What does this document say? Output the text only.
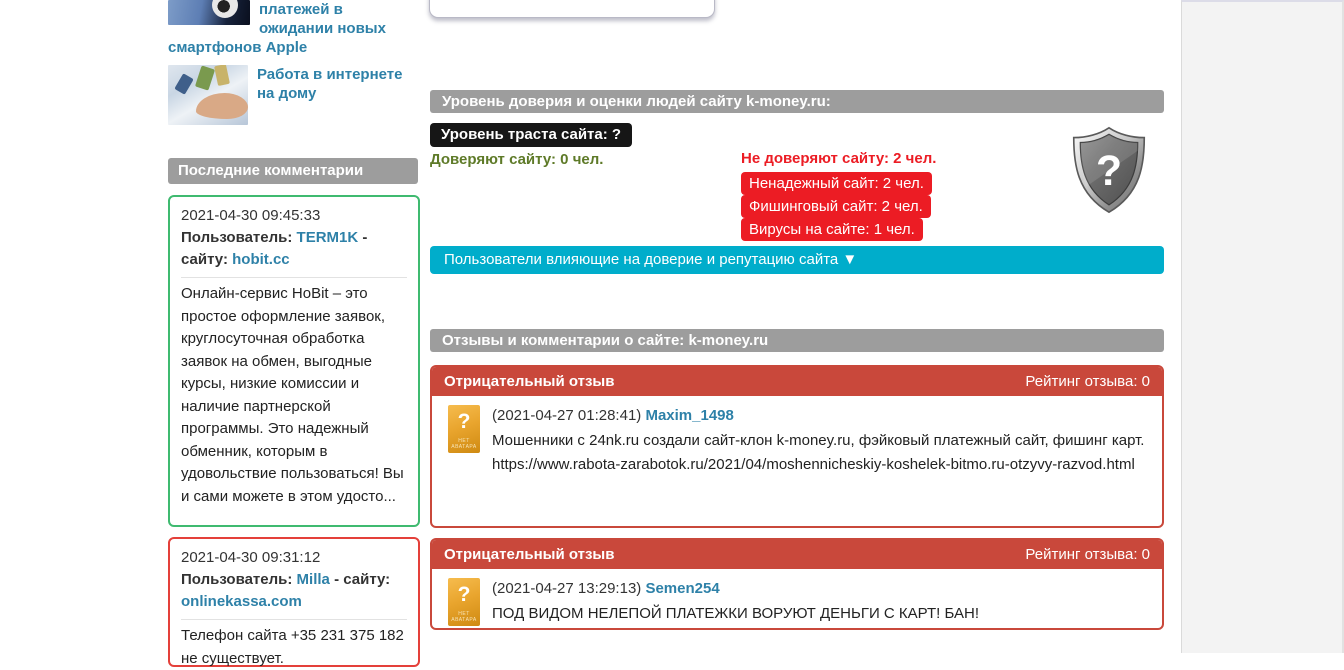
платежей в ожидании новых смартфонов Apple
Работа в интернете на дому
Последние комментарии
2021-04-30 09:45:33
Пользователь: TERM1K - сайту: hobit.cc
Онлайн-сервис HoBit – это простое оформление заявок, круглосуточная обработка заявок на обмен, выгодные курсы, низкие комиссии и наличие партнерской программы. Это надежный обменник, которым в удовольствие пользоваться! Вы и сами можете в этом удосто...
2021-04-30 09:31:12
Пользователь: Milla - сайту: onlinekassa.com
Телефон сайта +35 231 375 182 не существует.
Уровень доверия и оценки людей сайту k-money.ru:
Уровень траста сайта: ?
Доверяют сайту: 0 чел.	Не доверяют сайту: 2 чел.
Ненадежный сайт: 2 чел.
Фишинговый сайт: 2 чел.
Вирусы на сайте: 1 чел.
?
Пользователи влияющие на доверие и репутацию сайта ▼
Отзывы и комментарии о сайте: k-money.ru
Отрицательный отзыв	Рейтинг отзыва: 0
?
НЕТ АВАТАРА
(2021-04-27 01:28:41) Maxim_1498
Мошенники с 24nk.ru создали сайт-клон k-money.ru, фэйковый платежный сайт, фишинг карт.
https://www.rabota-zarabotok.ru/2021/04/moshennicheskiy-koshelek-bitmo.ru-otzyvy-razvod.html
Отрицательный отзыв	Рейтинг отзыва: 0
?
НЕТ АВАТАРА
(2021-04-27 13:29:13) Semen254
ПОД ВИДОМ НЕЛЕПОЙ ПЛАТЕЖКИ ВОРУЮТ ДЕНЬГИ С КАРТ! БАН!
